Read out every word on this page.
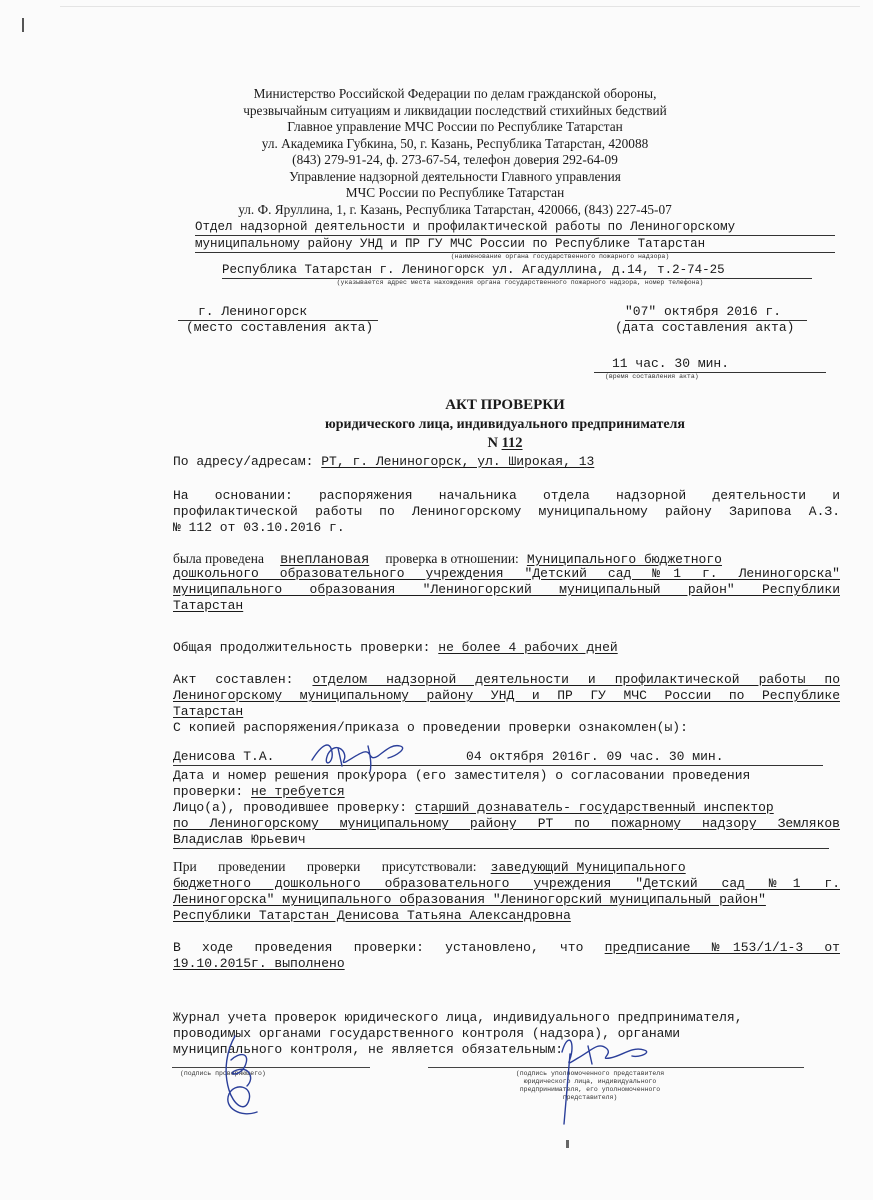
Министерство Российской Федерации по делам гражданской обороны,
чрезвычайным ситуациям и ликвидации последствий стихийных бедствий
Главное управление МЧС России по Республике Татарстан
ул. Академика Губкина, 50, г. Казань, Республика Татарстан, 420088
(843) 279-91-24, ф. 273-67-54, телефон доверия 292-64-09
Управление надзорной деятельности Главного управления
МЧС России по Республике Татарстан
ул. Ф. Яруллина, 1, г. Казань, Республика Татарстан, 420066, (843) 227-45-07
Отдел надзорной деятельности и профилактической работы по Лениногорскому
муниципальному району УНД и ПР ГУ МЧС России по Республике Татарстан
(наименование органа государственного пожарного надзора)
Республика Татарстан г. Лениногорск ул. Агадуллина, д.14, т.2-74-25
(указывается адрес места нахождения органа государственного пожарного надзора, номер телефона)
г. Лениногорск
(место составления акта)
"07" октября 2016 г.
(дата составления акта)
11 час. 30 мин.
(время составления акта)
АКТ ПРОВЕРКИ
юридического лица, индивидуального предпринимателя
N 112
По адресу/адресам: РТ, г. Лениногорск, ул. Широкая, 13
На основании: распоряжения начальника отдела надзорной деятельности и
профилактической работы по Лениногорскому муниципальному району Зарипова А.З.
№ 112 от 03.10.2016 г.
была проведена внеплановая проверка в отношении: Муниципального бюджетного
дошкольного образовательного учреждения "Детский сад №1 г. Лениногорска"
муниципального образования "Лениногорский муниципальный район" Республики
Татарстан
Общая продолжительность проверки: не более 4 рабочих дней
Акт составлен: отделом надзорной деятельности и профилактической работы по
Лениногорскому муниципальному району УНД и ПР ГУ МЧС России по Республике
Татарстан
С копией распоряжения/приказа о проведении проверки ознакомлен(ы):
Денисова Т.А.	04 октября 2016г. 09 час. 30 мин.
Дата и номер решения прокурора (его заместителя) о согласовании проведения
проверки: не требуется
Лицо(а), проводившее проверку: старший дознаватель- государственный инспектор
по Лениногорскому муниципальному району РТ по пожарному надзору Земляков
Владислав Юрьевич
При проведении проверки присутствовали: заведующий Муниципального
бюджетного дошкольного образовательного учреждения "Детский сад №1 г.
Лениногорска" муниципального образования "Лениногорский муниципальный район"
Республики Татарстан Денисова Татьяна Александровна
В ходе проведения проверки: установлено, что предписание №153/1/1-3 от
19.10.2015г. выполнено
Журнал учета проверок юридического лица, индивидуального предпринимателя,
проводимых органами государственного контроля (надзора), органами
муниципального контроля, не является обязательным:
(подпись проверяющего)	(подпись уполномоченного представителя
юридического лица, индивидуального
предпринимателя, его уполномоченного
представителя)
